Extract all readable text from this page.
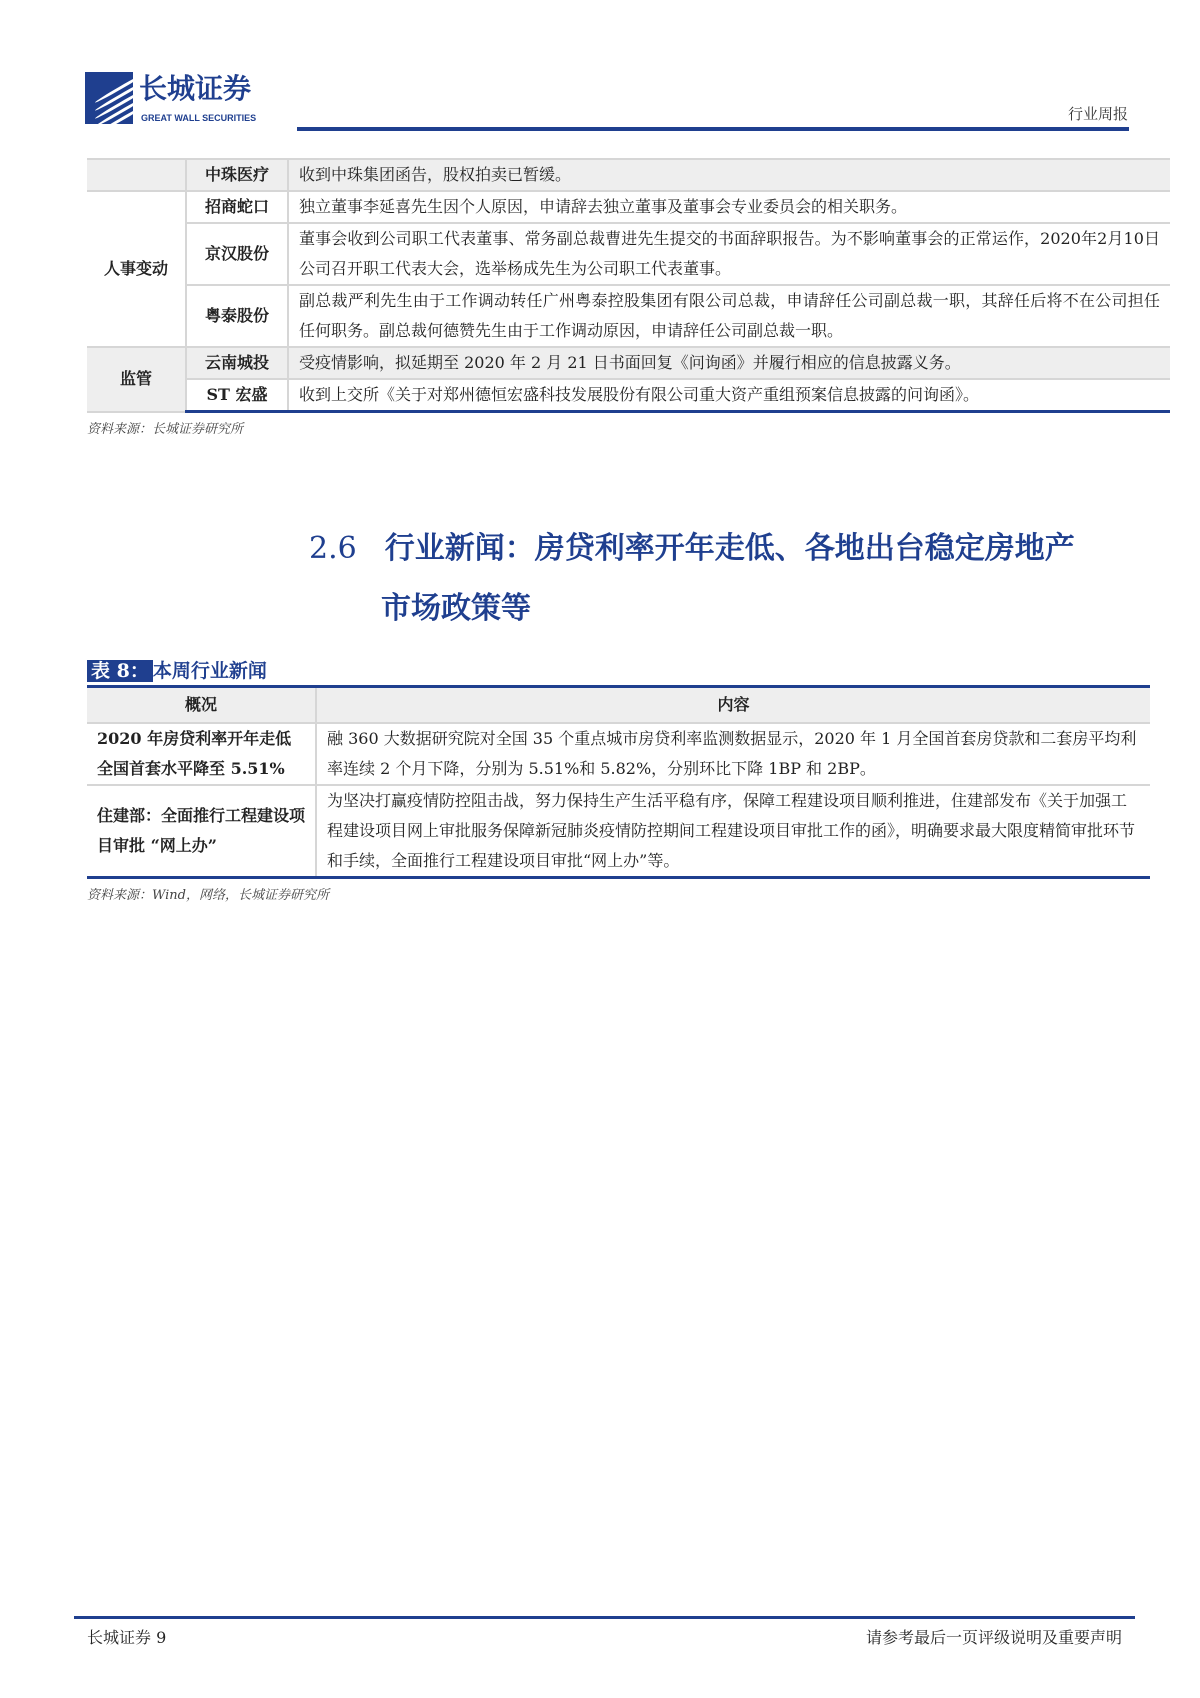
长城证券
GREAT WALL SECURITIES	行业周报
	中珠医疗	收到中珠集团函告，股权拍卖已暂缓。
人事变动	招商蛇口	独立董事李延喜先生因个人原因，申请辞去独立董事及董事会专业委员会的相关职务。
	京汉股份	董事会收到公司职工代表董事、常务副总裁曹进先生提交的书面辞职报告。为不影响董事会的正常运作，2020年2月10日公司召开职工代表大会，选举杨成先生为公司职工代表董事。
	粤泰股份	副总裁严利先生由于工作调动转任广州粤泰控股集团有限公司总裁，申请辞任公司副总裁一职，其辞任后将不在公司担任任何职务。副总裁何德赞先生由于工作调动原因，申请辞任公司副总裁一职。
监管	云南城投	受疫情影响，拟延期至 2020 年 2 月 21 日书面回复《问询函》并履行相应的信息披露义务。
	ST 宏盛	收到上交所《关于对郑州德恒宏盛科技发展股份有限公司重大资产重组预案信息披露的问询函》。
资料来源：长城证券研究所
2.6 行业新闻：房贷利率开年走低、各地出台稳定房地产
市场政策等
表 8： 本周行业新闻
概况	内容
2020 年房贷利率开年走低 全国首套水平降至 5.51%	融 360 大数据研究院对全国 35 个重点城市房贷利率监测数据显示，2020 年 1 月全国首套房贷款和二套房平均利率连续 2 个月下降，分别为 5.51%和 5.82%，分别环比下降 1BP 和 2BP。
住建部：全面推行工程建设项目审批 “网上办”	为坚决打赢疫情防控阻击战，努力保持生产生活平稳有序，保障工程建设项目顺利推进，住建部发布《关于加强工程建设项目网上审批服务保障新冠肺炎疫情防控期间工程建设项目审批工作的函》，明确要求最大限度精简审批环节和手续，全面推行工程建设项目审批“网上办”等。
资料来源：Wind，网络，长城证券研究所
长城证券 9	请参考最后一页评级说明及重要声明
